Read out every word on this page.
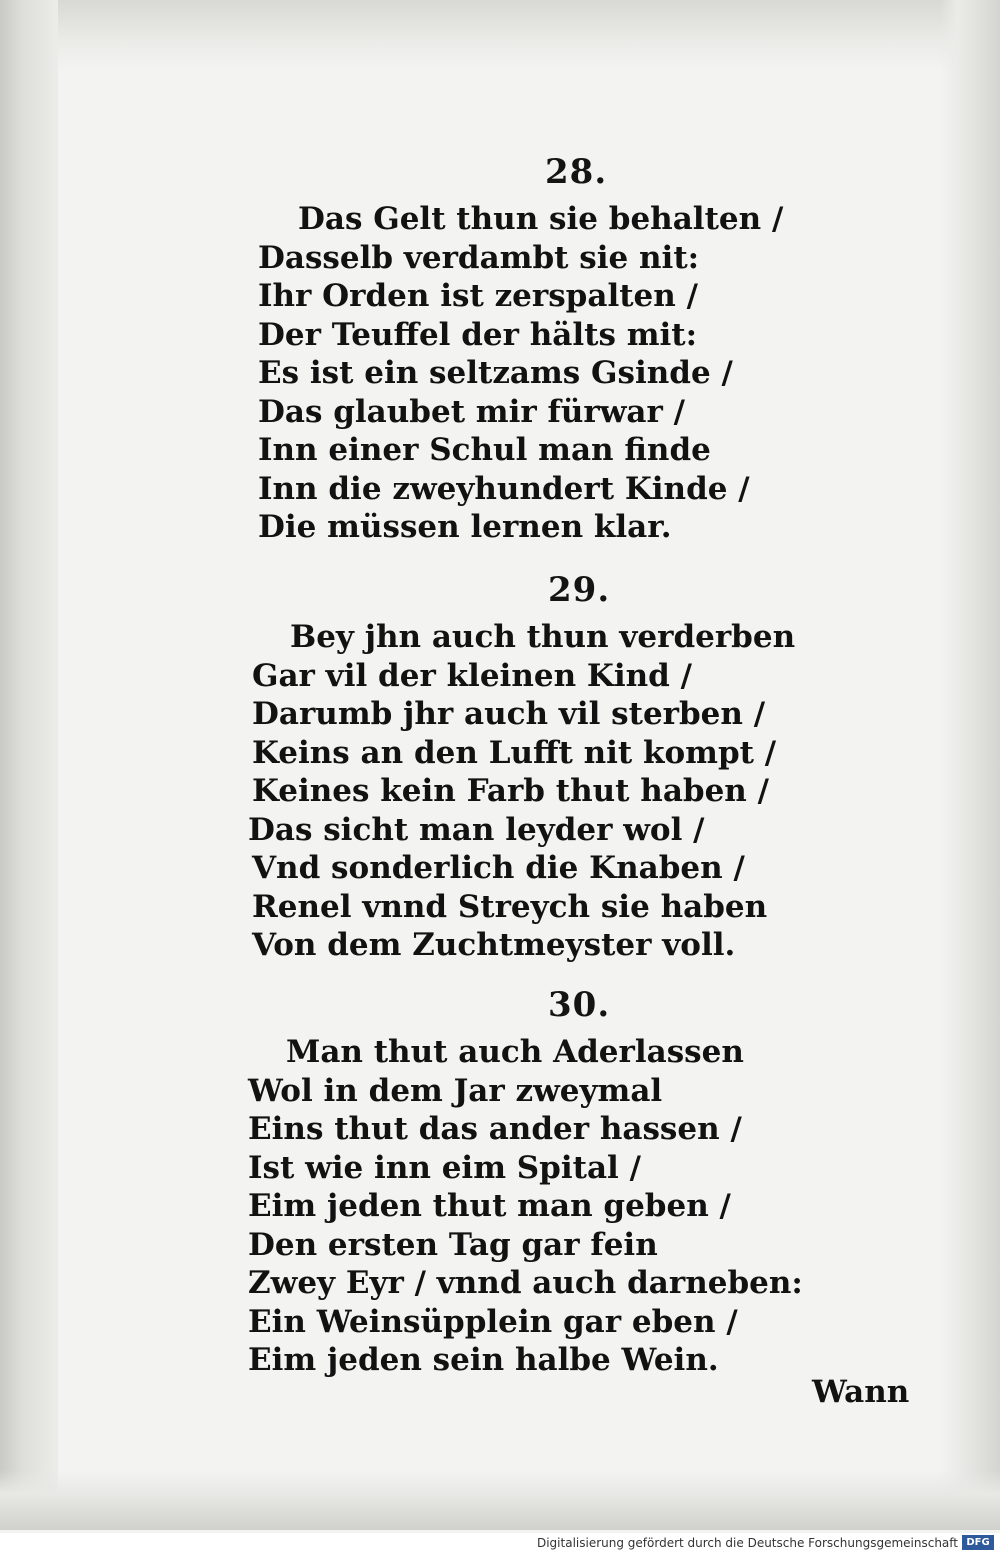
28.
Das Gelt thun sie behalten /
Dasselb verdambt sie nit:
Ihr Orden ist zerspalten /
Der Teuffel der hälts mit:
Es ist ein seltzams Gsinde /
Das glaubet mir fürwar /
Inn einer Schul man finde
Inn die zweyhundert Kinde /
Die müssen lernen klar.
29.
Bey jhn auch thun verderben
Gar vil der kleinen Kind /
Darumb jhr auch vil sterben /
Keins an den Lufft nit kompt /
Keines kein Farb thut haben /
Das sicht man leyder wol /
Vnd sonderlich die Knaben /
Renel vnnd Streych sie haben
Von dem Zuchtmeyster voll.
30.
Man thut auch Aderlassen
Wol in dem Jar zweymal
Eins thut das ander hassen /
Ist wie inn eim Spital /
Eim jeden thut man geben /
Den ersten Tag gar fein
Zwey Eyr / vnnd auch darneben:
Ein Weinsüpplein gar eben /
Eim jeden sein halbe Wein.
Wann
Digitalisierung gefördert durch die Deutsche Forschungsgemeinschaft DFG
